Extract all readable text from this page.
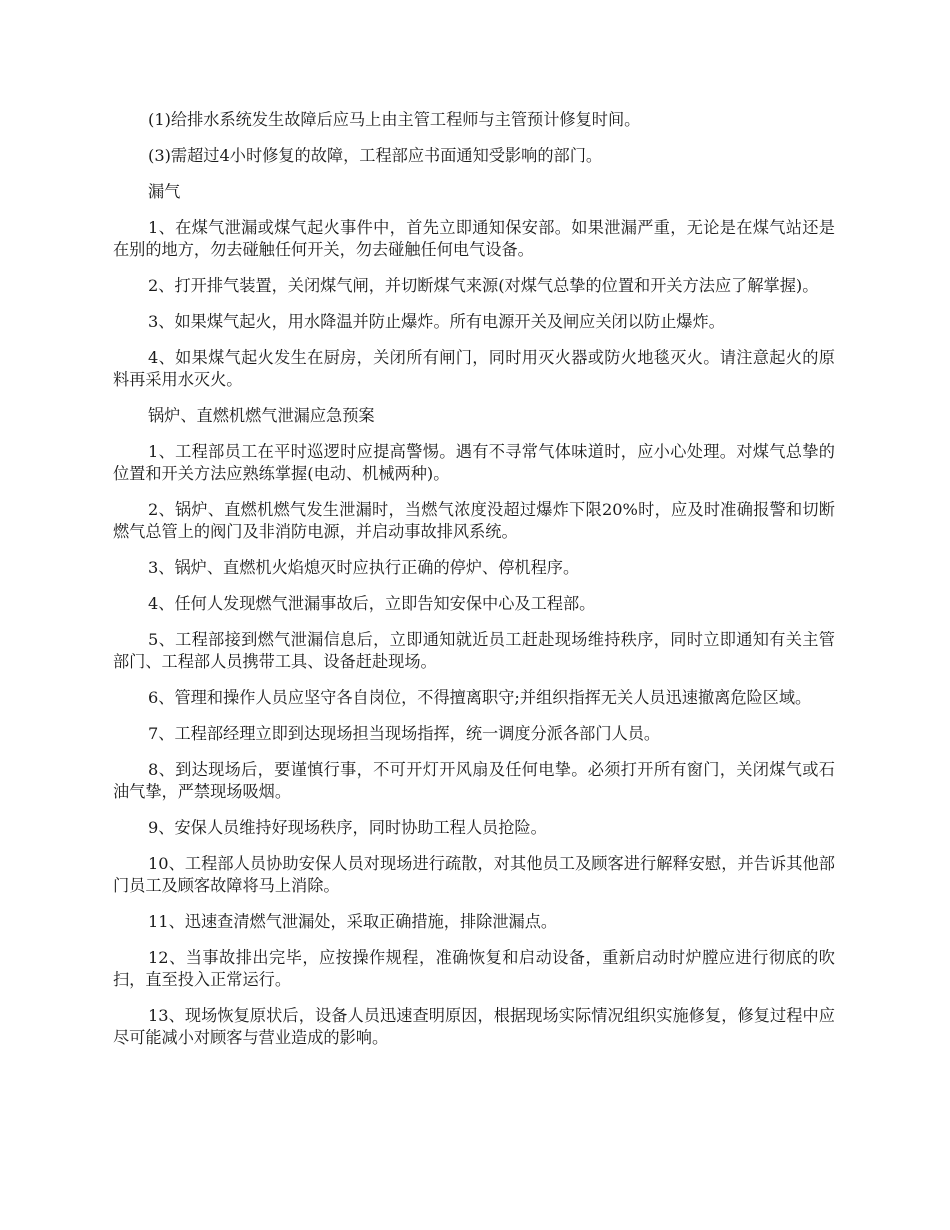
(1)给排水系统发生故障后应马上由主管工程师与主管预计修复时间。

(3)需超过4小时修复的故障，工程部应书面通知受影响的部门。

漏气

1、在煤气泄漏或煤气起火事件中，首先立即通知保安部。如果泄漏严重，无论是在煤气站还是在别的地方，勿去碰触任何开关，勿去碰触任何电气设备。

2、打开排气装置，关闭煤气闸，并切断煤气来源(对煤气总挚的位置和开关方法应了解掌握)。

3、如果煤气起火，用水降温并防止爆炸。所有电源开关及闸应关闭以防止爆炸。

4、如果煤气起火发生在厨房，关闭所有闸门，同时用灭火器或防火地毯灭火。请注意起火的原料再采用水灭火。

锅炉、直燃机燃气泄漏应急预案

1、工程部员工在平时巡逻时应提高警惕。遇有不寻常气体味道时，应小心处理。对煤气总挚的位置和开关方法应熟练掌握(电动、机械两种)。

2、锅炉、直燃机燃气发生泄漏时，当燃气浓度没超过爆炸下限20%时，应及时准确报警和切断燃气总管上的阀门及非消防电源，并启动事故排风系统。

3、锅炉、直燃机火焰熄灭时应执行正确的停炉、停机程序。

4、任何人发现燃气泄漏事故后，立即告知安保中心及工程部。

5、工程部接到燃气泄漏信息后，立即通知就近员工赶赴现场维持秩序，同时立即通知有关主管部门、工程部人员携带工具、设备赶赴现场。

6、管理和操作人员应坚守各自岗位，不得擅离职守;并组织指挥无关人员迅速撤离危险区域。

7、工程部经理立即到达现场担当现场指挥，统一调度分派各部门人员。

8、到达现场后，要谨慎行事，不可开灯开风扇及任何电挚。必须打开所有窗门，关闭煤气或石油气挚，严禁现场吸烟。

9、安保人员维持好现场秩序，同时协助工程人员抢险。

10、工程部人员协助安保人员对现场进行疏散，对其他员工及顾客进行解释安慰，并告诉其他部门员工及顾客故障将马上消除。

11、迅速查清燃气泄漏处，采取正确措施，排除泄漏点。

12、当事故排出完毕，应按操作规程，准确恢复和启动设备，重新启动时炉膛应进行彻底的吹扫，直至投入正常运行。

13、现场恢复原状后，设备人员迅速查明原因，根据现场实际情况组织实施修复，修复过程中应尽可能减小对顾客与营业造成的影响。
